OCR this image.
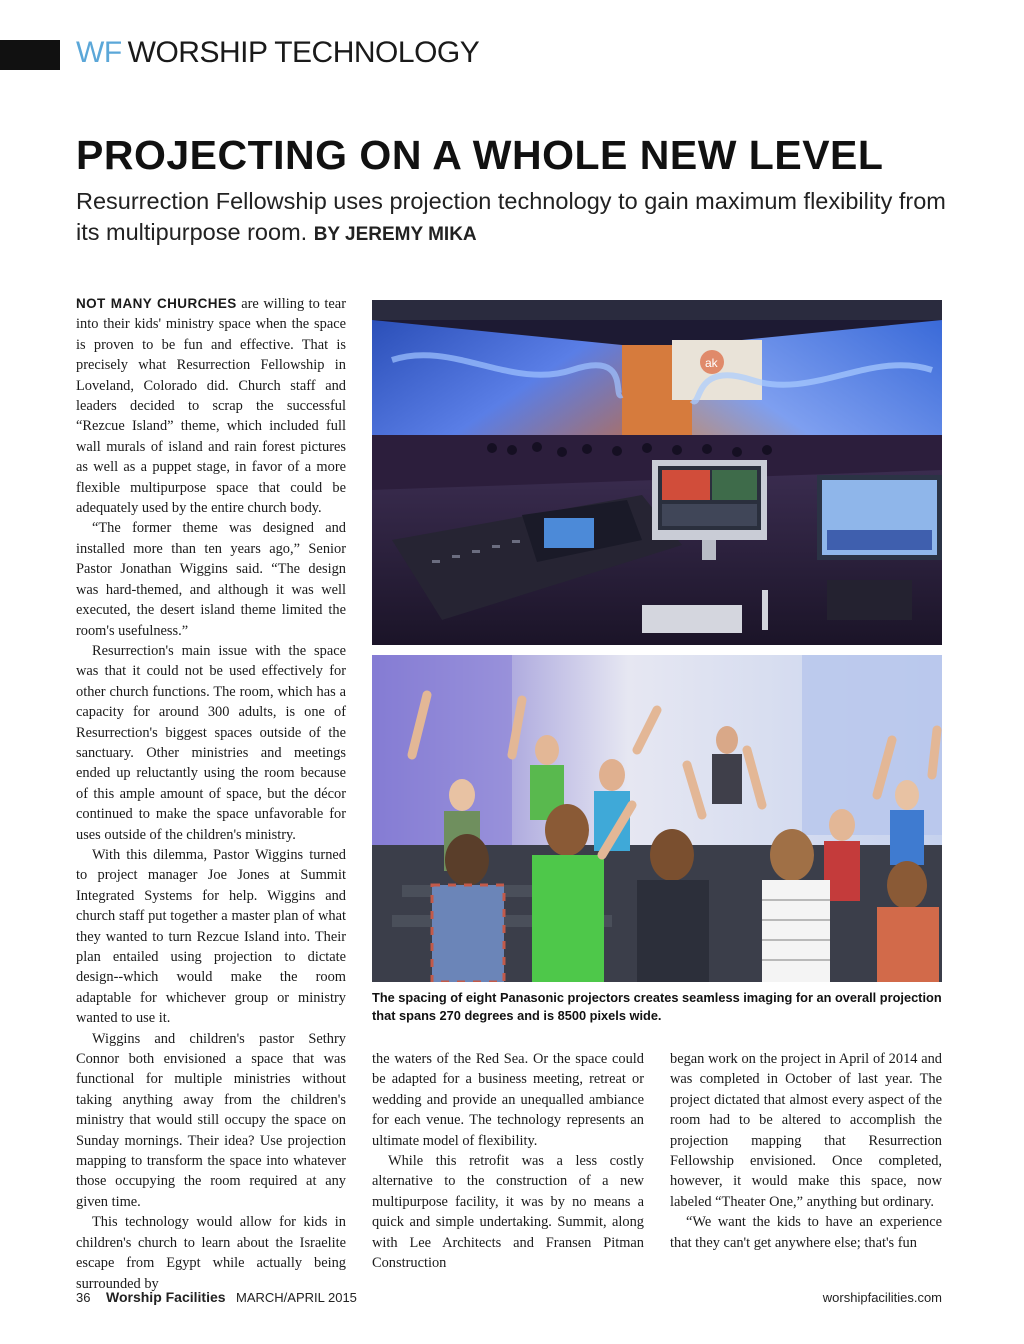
WF WORSHIP TECHNOLOGY
PROJECTING ON A WHOLE NEW LEVEL

Resurrection Fellowship uses projection technology to gain maximum flexibility from its multipurpose room. BY JEREMY MIKA

NOT MANY CHURCHES are willing to tear into their kids' ministry space when the space is proven to be fun and effective. That is precisely what Resurrection Fellowship in Loveland, Colorado did. Church staff and leaders decided to scrap the successful “Rezcue Island” theme, which included full wall murals of island and rain forest pictures as well as a puppet stage, in favor of a more flexible multipurpose space that could be adequately used by the entire church body.

“The former theme was designed and installed more than ten years ago,” Senior Pastor Jonathan Wiggins said. “The design was hard-themed, and although it was well executed, the desert island theme limited the room's usefulness.”

Resurrection's main issue with the space was that it could not be used effectively for other church functions. The room, which has a capacity for around 300 adults, is one of Resurrection's biggest spaces outside of the sanctuary. Other ministries and meetings ended up reluctantly using the room because of this ample amount of space, but the décor continued to make the space unfavorable for uses outside of the children's ministry.

With this dilemma, Pastor Wiggins turned to project manager Joe Jones at Summit Integrated Systems for help. Wiggins and church staff put together a master plan of what they wanted to turn Rezcue Island into. Their plan entailed using projection to dictate design--which would make the room adaptable for whichever group or ministry wanted to use it.

Wiggins and children's pastor Sethry Connor both envisioned a space that was functional for multiple ministries without taking anything away from the children's ministry that would still occupy the space on Sunday mornings. Their idea? Use projection mapping to transform the space into whatever those occupying the room required at any given time.

This technology would allow for kids in children's church to learn about the Israelite escape from Egypt while actually being surrounded by

ak

The spacing of eight Panasonic projectors creates seamless imaging for an overall projection that spans 270 degrees and is 8500 pixels wide.

the waters of the Red Sea. Or the space could be adapted for a business meeting, retreat or wedding and provide an unequalled ambiance for each venue. The technology represents an ultimate model of flexibility.

While this retrofit was a less costly alternative to the construction of a new multipurpose facility, it was by no means a quick and simple undertaking. Summit, along with Lee Architects and Fransen Pitman Construction

began work on the project in April of 2014 and was completed in October of last year. The project dictated that almost every aspect of the room had to be altered to accomplish the projection mapping that Resurrection Fellowship envisioned. Once completed, however, it would make this space, now labeled “Theater One,” anything but ordinary.

“We want the kids to have an experience that they can't get anywhere else; that's fun

36 Worship Facilities MARCH/APRIL 2015	worshipfacilities.com
